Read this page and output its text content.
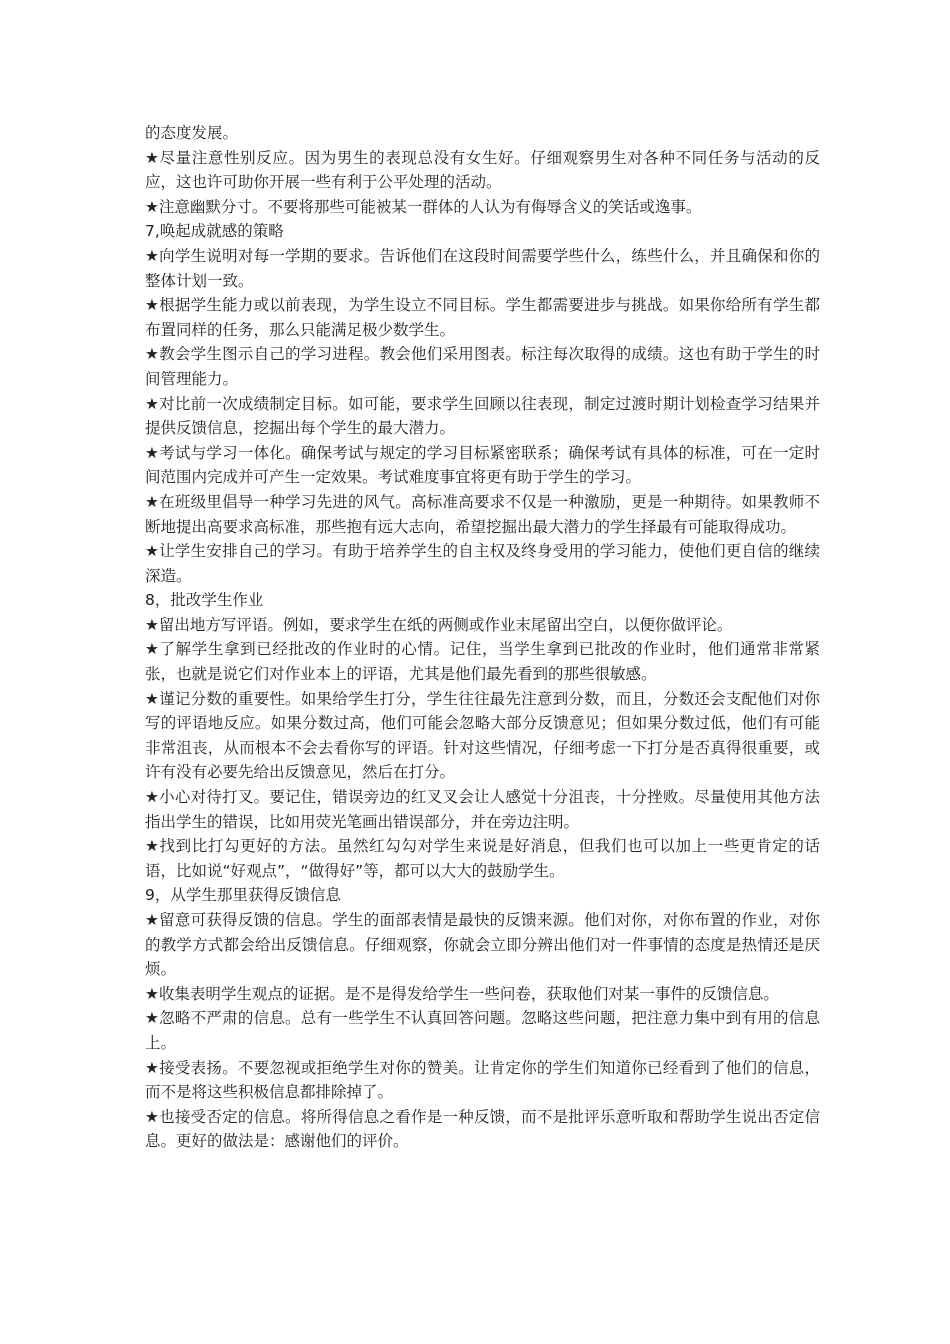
的态度发展。

★尽量注意性别反应。因为男生的表现总没有女生好。仔细观察男生对各种不同任务与活动的反应，这也许可助你开展一些有利于公平处理的活动。

★注意幽默分寸。不要将那些可能被某一群体的人认为有侮辱含义的笑话或逸事。

7,唤起成就感的策略

★向学生说明对每一学期的要求。告诉他们在这段时间需要学些什么，练些什么，并且确保和你的整体计划一致。

★根据学生能力或以前表现，为学生设立不同目标。学生都需要进步与挑战。如果你给所有学生都布置同样的任务，那么只能满足极少数学生。

★教会学生图示自己的学习进程。教会他们采用图表。标注每次取得的成绩。这也有助于学生的时间管理能力。

★对比前一次成绩制定目标。如可能，要求学生回顾以往表现，制定过渡时期计划检查学习结果并提供反馈信息，挖掘出每个学生的最大潜力。

★考试与学习一体化。确保考试与规定的学习目标紧密联系；确保考试有具体的标准，可在一定时间范围内完成并可产生一定效果。考试难度事宜将更有助于学生的学习。

★在班级里倡导一种学习先进的风气。高标准高要求不仅是一种激励，更是一种期待。如果教师不断地提出高要求高标准，那些抱有远大志向，希望挖掘出最大潜力的学生择最有可能取得成功。

★让学生安排自己的学习。有助于培养学生的自主权及终身受用的学习能力，使他们更自信的继续深造。

8，批改学生作业

★留出地方写评语。例如，要求学生在纸的两侧或作业末尾留出空白，以便你做评论。

★了解学生拿到已经批改的作业时的心情。记住，当学生拿到已批改的作业时，他们通常非常紧张，也就是说它们对作业本上的评语，尤其是他们最先看到的那些很敏感。

★谨记分数的重要性。如果给学生打分，学生往往最先注意到分数，而且，分数还会支配他们对你写的评语地反应。如果分数过高，他们可能会忽略大部分反馈意见；但如果分数过低，他们有可能非常沮丧，从而根本不会去看你写的评语。针对这些情况，仔细考虑一下打分是否真得很重要，或许有没有必要先给出反馈意见，然后在打分。

★小心对待打叉。要记住，错误旁边的红叉叉会让人感觉十分沮丧，十分挫败。尽量使用其他方法指出学生的错误，比如用荧光笔画出错误部分，并在旁边注明。

★找到比打勾更好的方法。虽然红勾勾对学生来说是好消息，但我们也可以加上一些更肯定的话语，比如说“好观点”，“做得好”等，都可以大大的鼓励学生。

9，从学生那里获得反馈信息

★留意可获得反馈的信息。学生的面部表情是最快的反馈来源。他们对你，对你布置的作业，对你的教学方式都会给出反馈信息。仔细观察，你就会立即分辨出他们对一件事情的态度是热情还是厌烦。

★收集表明学生观点的证据。是不是得发给学生一些问卷，获取他们对某一事件的反馈信息。

★忽略不严肃的信息。总有一些学生不认真回答问题。忽略这些问题，把注意力集中到有用的信息上。

★接受表扬。不要忽视或拒绝学生对你的赞美。让肯定你的学生们知道你已经看到了他们的信息，而不是将这些积极信息都排除掉了。

★也接受否定的信息。将所得信息之看作是一种反馈，而不是批评乐意听取和帮助学生说出否定信息。更好的做法是：感谢他们的评价。
